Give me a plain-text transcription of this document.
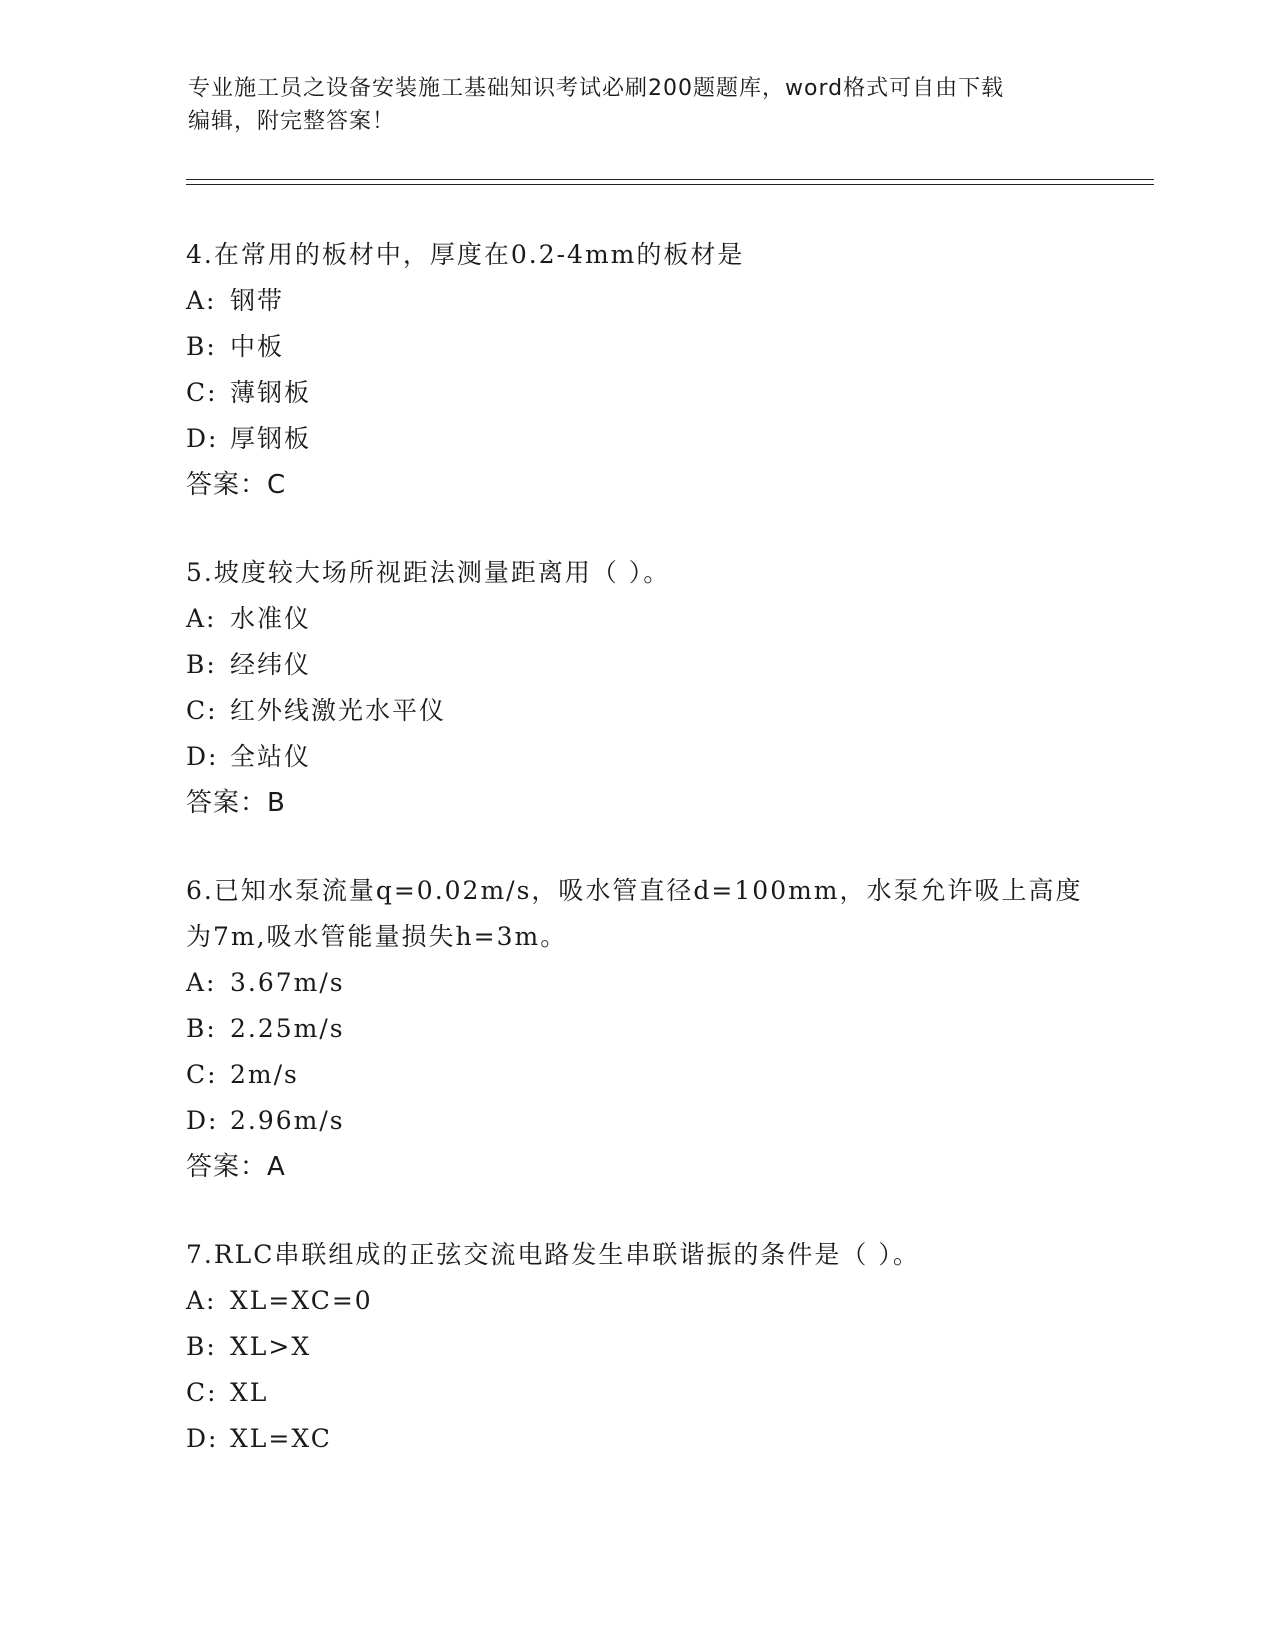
专业施工员之设备安装施工基础知识考试必刷200题题库，word格式可自由下载
编辑，附完整答案！
4.在常用的板材中，厚度在0.2-4mm的板材是
A: 钢带
B: 中板
C: 薄钢板
D: 厚钢板
答案：C
5.坡度较大场所视距法测量距离用（ ）。
A: 水准仪
B: 经纬仪
C: 红外线激光水平仪
D: 全站仪
答案：B
6.已知水泵流量q=0.02m/s，吸水管直径d=100mm，水泵允许吸上高度
为7m,吸水管能量损失h=3m。
A: 3.67m/s
B: 2.25m/s
C: 2m/s
D: 2.96m/s
答案：A
7.RLC串联组成的正弦交流电路发生串联谐振的条件是（ ）。
A: XL=XC=0
B: XL>X
C: XL
D: XL=XC
